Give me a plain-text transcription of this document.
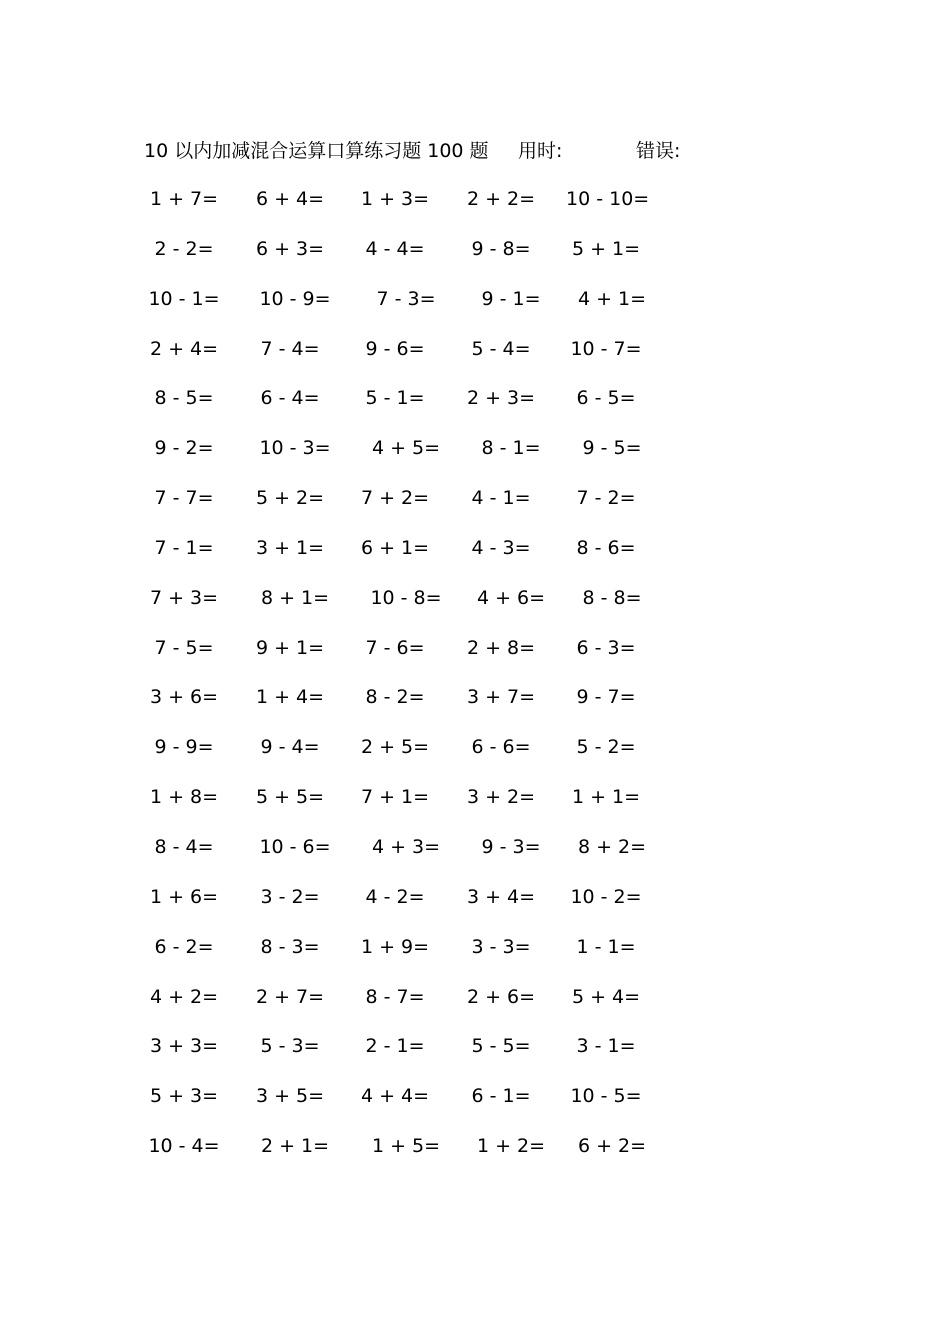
10 以内加减混合运算口算练习题 100 题 用时:	错误:
1 + 7=	6 + 4=	1 + 3=	2 + 2=	10 - 10=
2 - 2=	6 + 3=	4 - 4=	9 - 8=	5 + 1=
10 - 1= 10 - 9=	7 - 3=	9 - 1=	4 + 1=
2 + 4=	7 - 4=	9 - 6=	5 - 4=	10 - 7=
8 - 5=	6 - 4=	5 - 1=	2 + 3=	6 - 5=
9 - 2=	10 - 3=	4 + 5=	8 - 1=	9 - 5=
7 - 7=	5 + 2=	7 + 2=	4 - 1=	7 - 2=
7 - 1=	3 + 1=	6 + 1=	4 - 3=	8 - 6=
7 + 3=	8 + 1=	10 - 8=	4 + 6=	8 - 8=
7 - 5=	9 + 1=	7 - 6=	2 + 8=	6 - 3=
3 + 6=	1 + 4=	8 - 2=	3 + 7=	9 - 7=
9 - 9=	9 - 4=	2 + 5=	6 - 6=	5 - 2=
1 + 8=	5 + 5=	7 + 1=	3 + 2=	1 + 1=
8 - 4=	10 - 6=	4 + 3=	9 - 3=	8 + 2=
1 + 6=	3 - 2=	4 - 2=	3 + 4=	10 - 2=
6 - 2=	8 - 3=	1 + 9=	3 - 3=	1 - 1=
4 + 2=	2 + 7=	8 - 7=	2 + 6=	5 + 4=
3 + 3=	5 - 3=	2 - 1=	5 - 5=	3 - 1=
5 + 3=	3 + 5=	4 + 4=	6 - 1=	10 - 5=
10 - 4=	2 + 1=	1 + 5=	1 + 2=	6 + 2=
